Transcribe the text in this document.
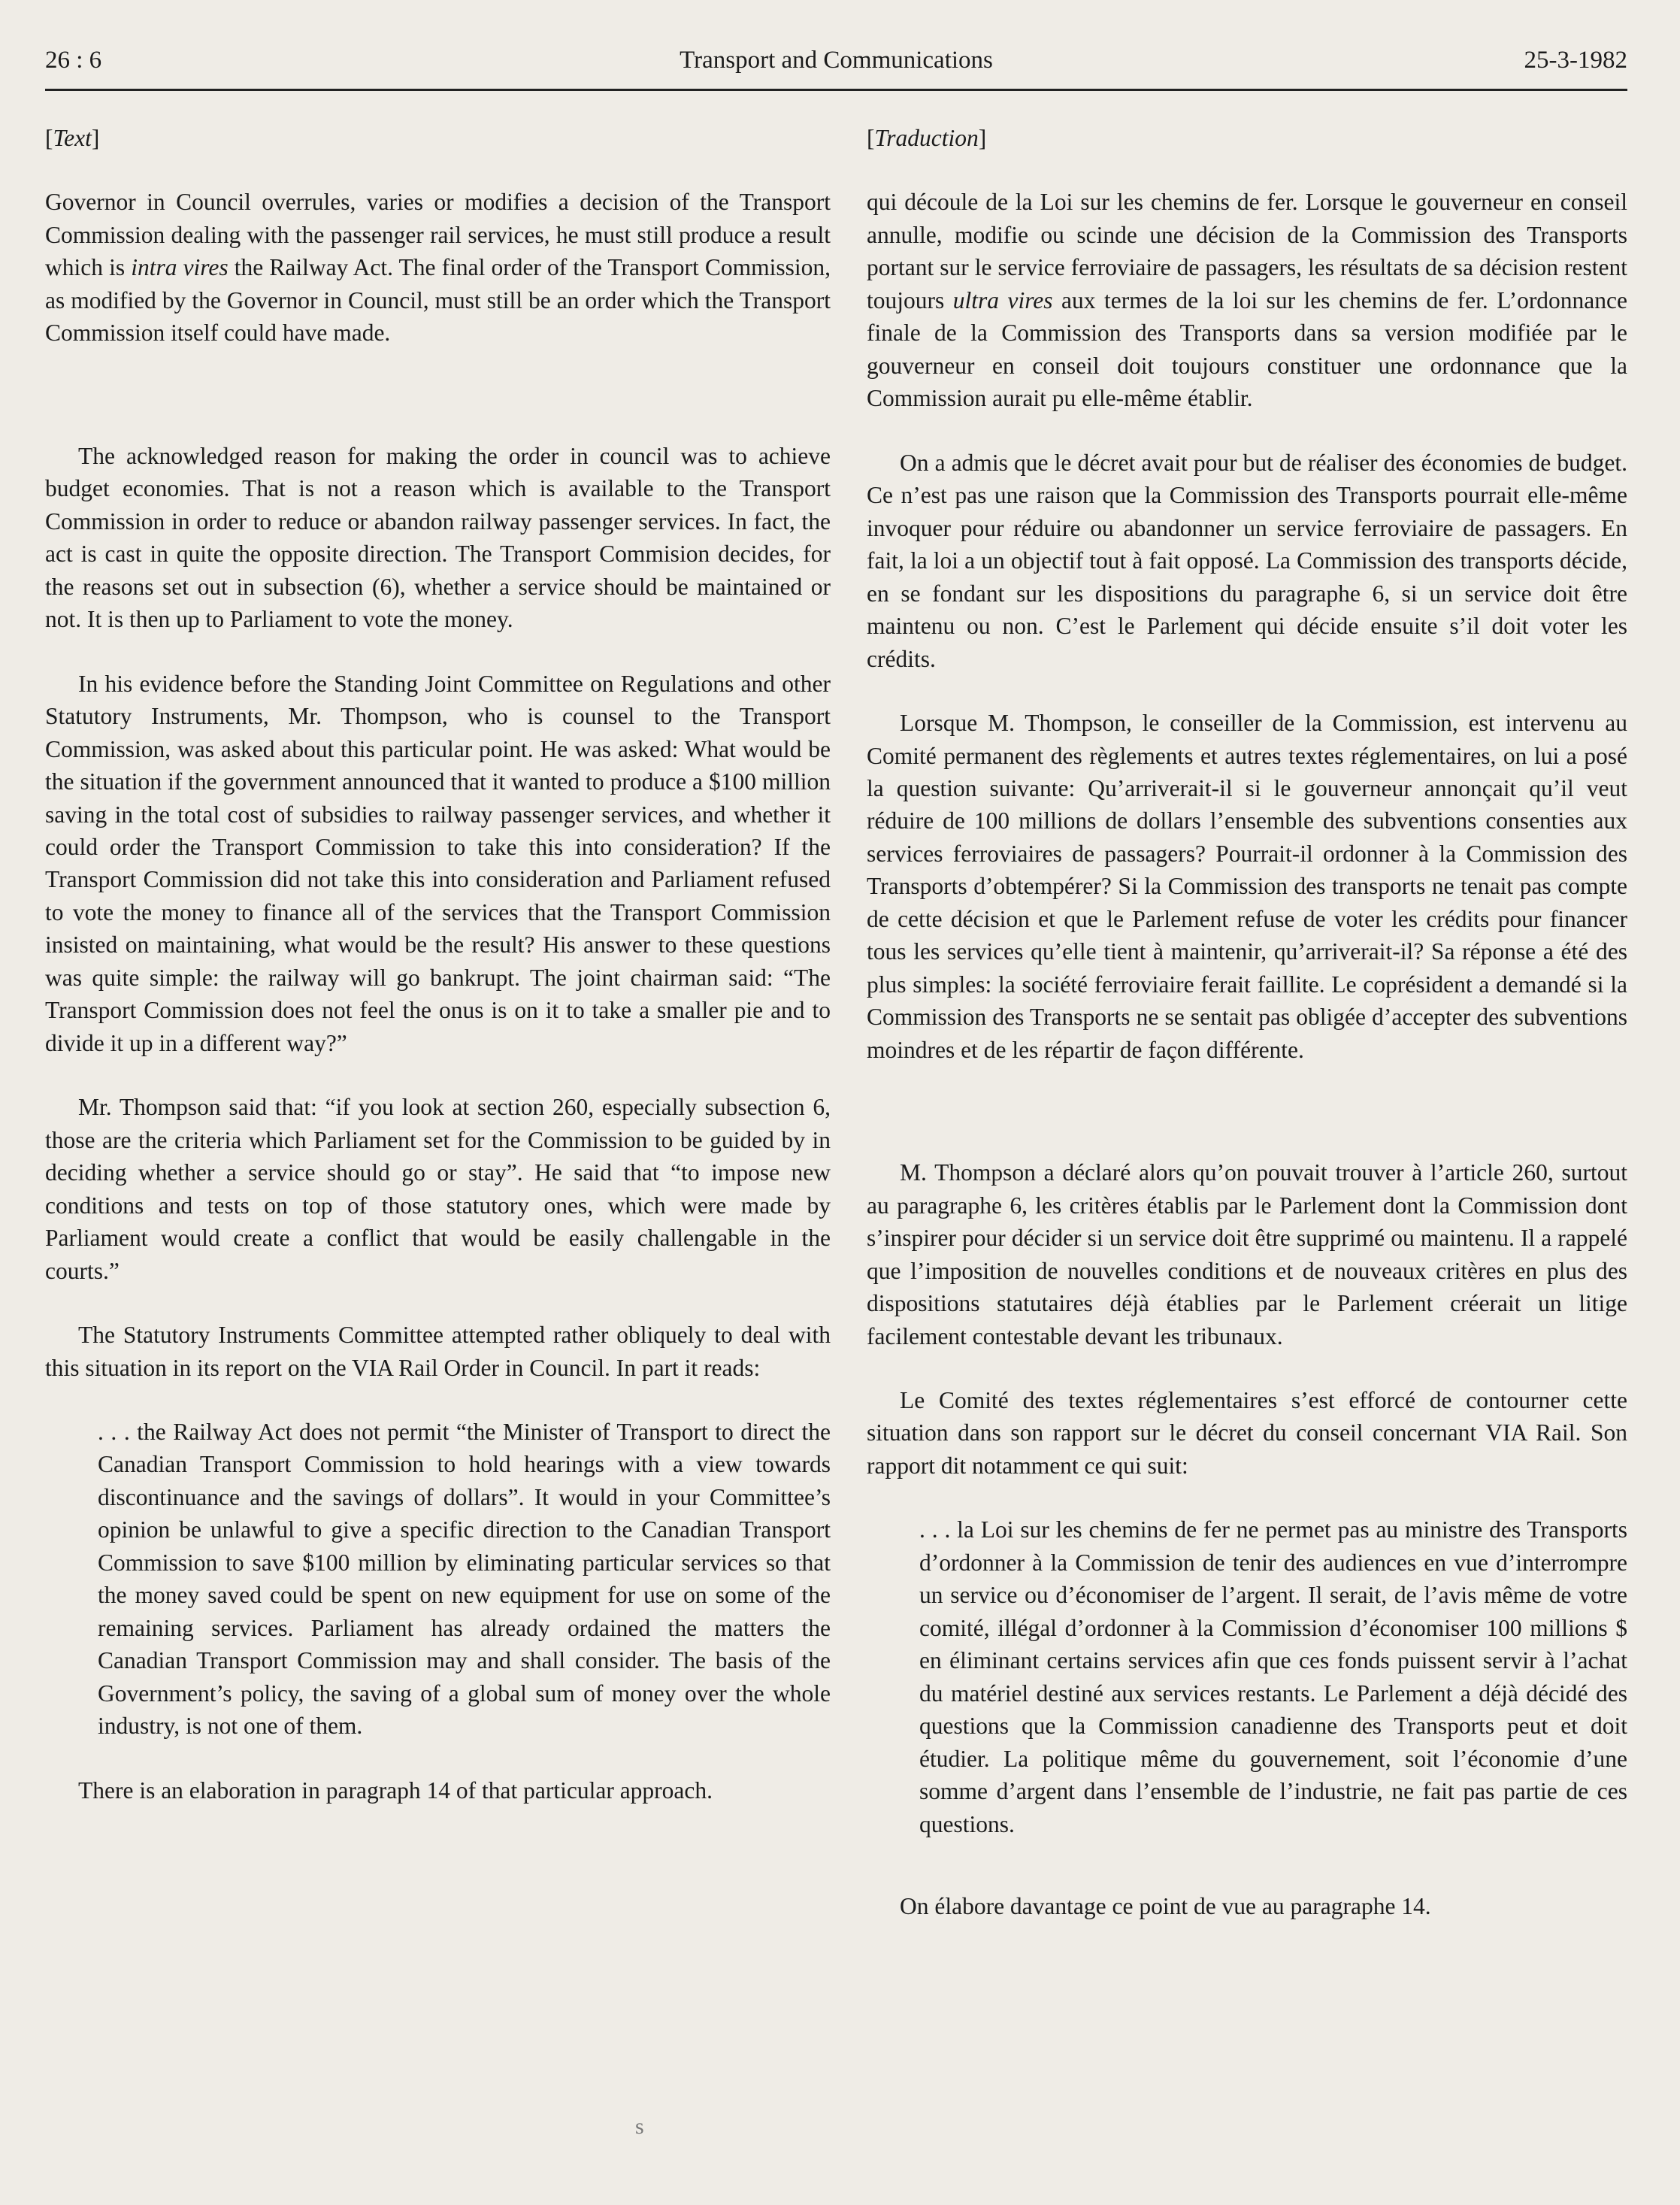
26 : 6	Transport and Communications	25-3-1982

[Text]

Governor in Council overrules, varies or modifies a decision of the Transport Commission dealing with the passenger rail services, he must still produce a result which is intra vires the Railway Act. The final order of the Transport Commission, as modified by the Governor in Council, must still be an order which the Transport Commission itself could have made.

The acknowledged reason for making the order in council was to achieve budget economies. That is not a reason which is available to the Transport Commission in order to reduce or abandon railway passenger services. In fact, the act is cast in quite the opposite direction. The Transport Commision decides, for the reasons set out in subsection (6), whether a service should be maintained or not. It is then up to Parliament to vote the money.

In his evidence before the Standing Joint Committee on Regulations and other Statutory Instruments, Mr. Thompson, who is counsel to the Transport Commission, was asked about this particular point. He was asked: What would be the situation if the government announced that it wanted to produce a $100 million saving in the total cost of subsidies to railway passenger services, and whether it could order the Transport Commission to take this into consideration? If the Transport Commission did not take this into consideration and Parliament refused to vote the money to finance all of the services that the Transport Commission insisted on maintaining, what would be the result? His answer to these questions was quite simple: the railway will go bankrupt. The joint chairman said: “The Transport Commission does not feel the onus is on it to take a smaller pie and to divide it up in a different way?”

Mr. Thompson said that: “if you look at section 260, especially subsection 6, those are the criteria which Parliament set for the Commission to be guided by in deciding whether a service should go or stay”. He said that “to impose new conditions and tests on top of those statutory ones, which were made by Parliament would create a conflict that would be easily challengable in the courts.”

The Statutory Instruments Committee attempted rather obliquely to deal with this situation in its report on the VIA Rail Order in Council. In part it reads:

. . . the Railway Act does not permit “the Minister of Transport to direct the Canadian Transport Commission to hold hearings with a view towards discontinuance and the savings of dollars”. It would in your Committee’s opinion be unlawful to give a specific direction to the Canadian Transport Commission to save $100 million by eliminating particular services so that the money saved could be spent on new equipment for use on some of the remaining services. Parliament has already ordained the matters the Canadian Transport Commission may and shall consider. The basis of the Government’s policy, the saving of a global sum of money over the whole industry, is not one of them.

There is an elaboration in paragraph 14 of that particular approach.

[Traduction]

qui découle de la Loi sur les chemins de fer. Lorsque le gouverneur en conseil annulle, modifie ou scinde une décision de la Commission des Transports portant sur le service ferroviaire de passagers, les résultats de sa décision restent toujours ultra vires aux termes de la loi sur les chemins de fer. L’ordonnance finale de la Commission des Transports dans sa version modifiée par le gouverneur en conseil doit toujours constituer une ordonnance que la Commission aurait pu elle-même établir.

On a admis que le décret avait pour but de réaliser des économies de budget. Ce n’est pas une raison que la Commission des Transports pourrait elle-même invoquer pour réduire ou abandonner un service ferroviaire de passagers. En fait, la loi a un objectif tout à fait opposé. La Commission des transports décide, en se fondant sur les dispositions du paragraphe 6, si un service doit être maintenu ou non. C’est le Parlement qui décide ensuite s’il doit voter les crédits.

Lorsque M. Thompson, le conseiller de la Commission, est intervenu au Comité permanent des règlements et autres textes réglementaires, on lui a posé la question suivante: Qu’arriverait-il si le gouverneur annonçait qu’il veut réduire de 100 millions de dollars l’ensemble des subventions consenties aux services ferroviaires de passagers? Pourrait-il ordonner à la Commission des Transports d’obtempérer? Si la Commission des transports ne tenait pas compte de cette décision et que le Parlement refuse de voter les crédits pour financer tous les services qu’elle tient à maintenir, qu’arriverait-il? Sa réponse a été des plus simples: la société ferroviaire ferait faillite. Le coprésident a demandé si la Commission des Transports ne se sentait pas obligée d’accepter des subventions moindres et de les répartir de façon différente.

M. Thompson a déclaré alors qu’on pouvait trouver à l’article 260, surtout au paragraphe 6, les critères établis par le Parlement dont la Commission dont s’inspirer pour décider si un service doit être supprimé ou maintenu. Il a rappelé que l’imposition de nouvelles conditions et de nouveaux critères en plus des dispositions statutaires déjà établies par le Parlement créerait un litige facilement contestable devant les tribunaux.

Le Comité des textes réglementaires s’est efforcé de contourner cette situation dans son rapport sur le décret du conseil concernant VIA Rail. Son rapport dit notamment ce qui suit:

. . . la Loi sur les chemins de fer ne permet pas au ministre des Transports d’ordonner à la Commission de tenir des audiences en vue d’interrompre un service ou d’économiser de l’argent. Il serait, de l’avis même de votre comité, illégal d’ordonner à la Commission d’économiser 100 millions $ en éliminant certains services afin que ces fonds puissent servir à l’achat du matériel destiné aux services restants. Le Parlement a déjà décidé des questions que la Commission canadienne des Transports peut et doit étudier. La politique même du gouvernement, soit l’économie d’une somme d’argent dans l’ensemble de l’industrie, ne fait pas partie de ces questions.

On élabore davantage ce point de vue au paragraphe 14.

s
